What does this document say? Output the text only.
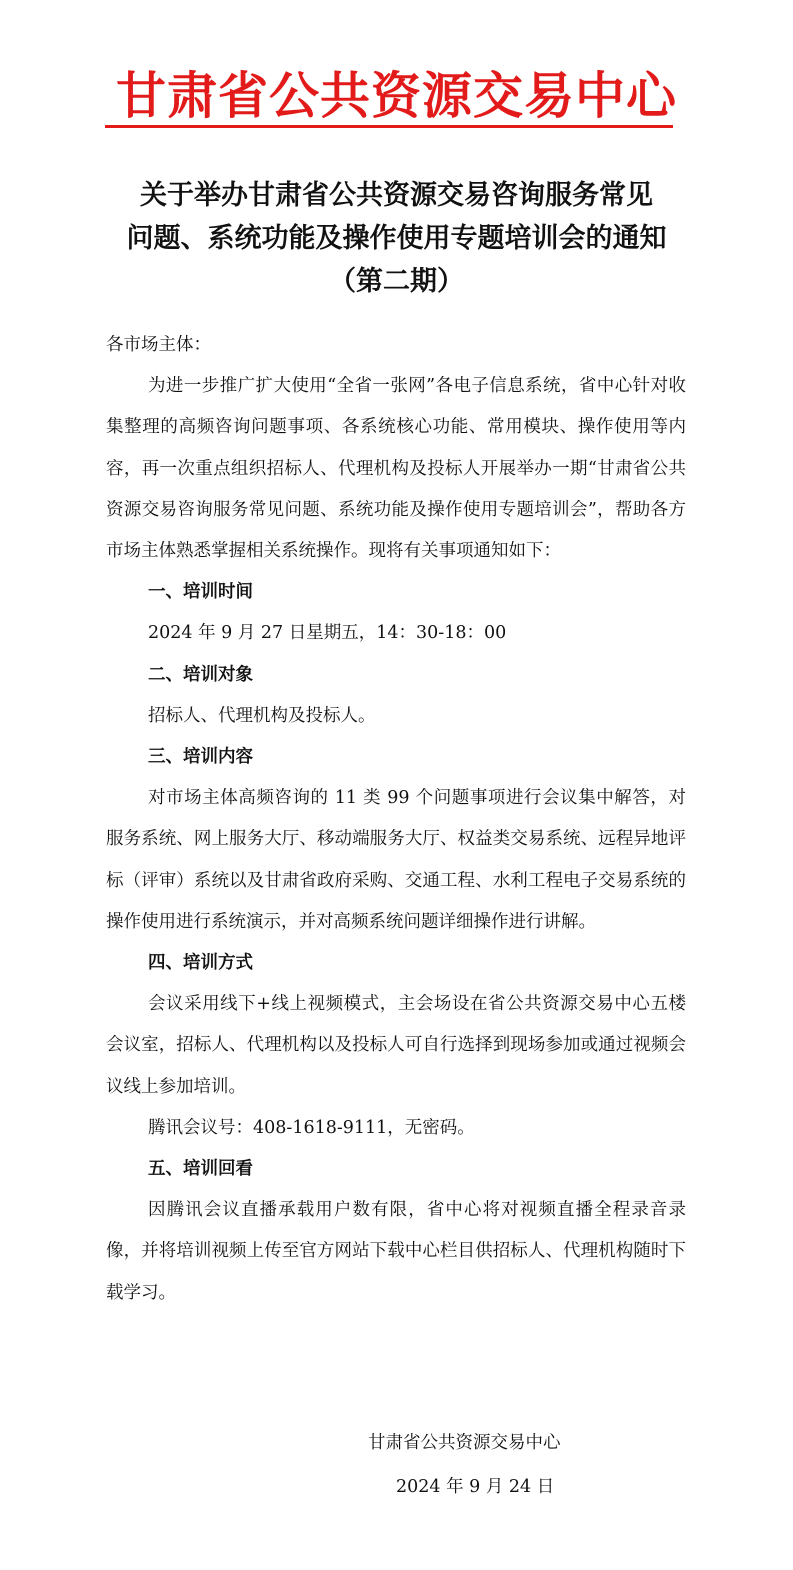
甘肃省公共资源交易中心
关于举办甘肃省公共资源交易咨询服务常见
问题、系统功能及操作使用专题培训会的通知
（第二期）

各市场主体：

为进一步推广扩大使用“全省一张网”各电子信息系统，省中心针对收集整理的高频咨询问题事项、各系统核心功能、常用模块、操作使用等内容，再一次重点组织招标人、代理机构及投标人开展举办一期“甘肃省公共资源交易咨询服务常见问题、系统功能及操作使用专题培训会”，帮助各方市场主体熟悉掌握相关系统操作。现将有关事项通知如下：

一、培训时间

2024 年 9 月 27 日星期五，14：30-18：00

二、培训对象

招标人、代理机构及投标人。

三、培训内容

对市场主体高频咨询的 11 类 99 个问题事项进行会议集中解答，对服务系统、网上服务大厅、移动端服务大厅、权益类交易系统、远程异地评标（评审）系统以及甘肃省政府采购、交通工程、水利工程电子交易系统的操作使用进行系统演示，并对高频系统问题详细操作进行讲解。

四、培训方式

会议采用线下+线上视频模式，主会场设在省公共资源交易中心五楼会议室，招标人、代理机构以及投标人可自行选择到现场参加或通过视频会议线上参加培训。

腾讯会议号：408-1618-9111，无密码。

五、培训回看

因腾讯会议直播承载用户数有限，省中心将对视频直播全程录音录像，并将培训视频上传至官方网站下载中心栏目供招标人、代理机构随时下载学习。

甘肃省公共资源交易中心
2024 年 9 月 24 日
